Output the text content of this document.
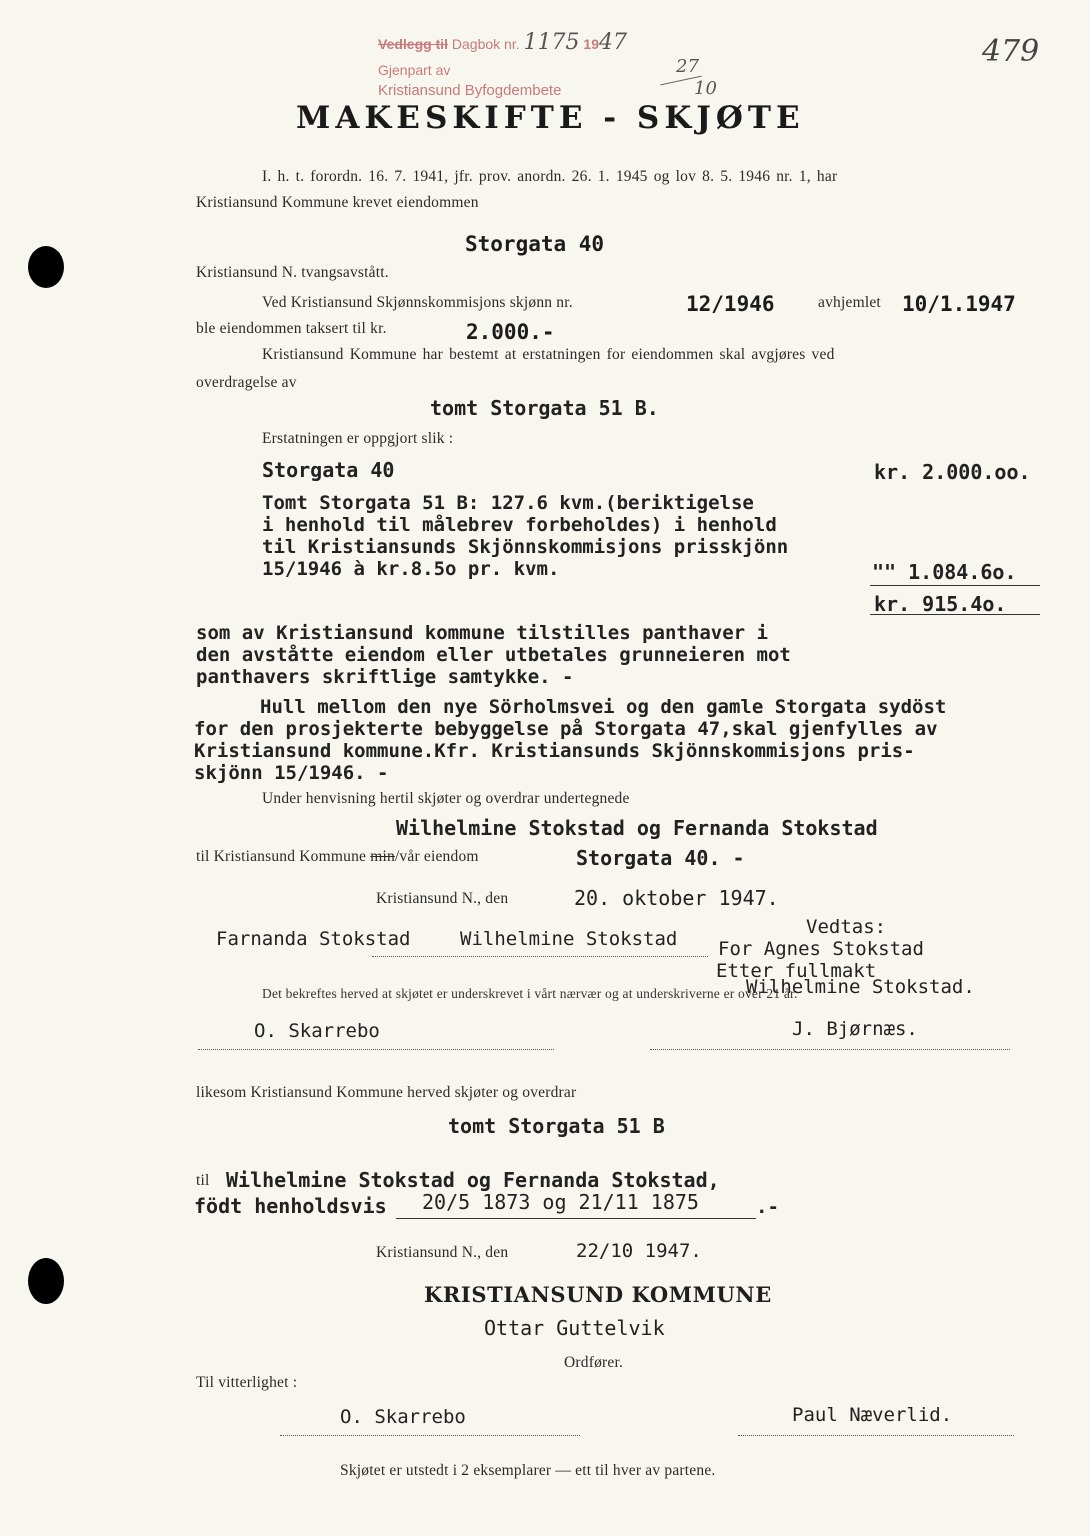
Vedlegg til Dagbok nr. 1175 1947
Gjenpart av
Kristiansund Byfogdembete
27
10
479
MAKESKIFTE - SKJØTE
I. h. t. forordn. 16. 7. 1941, jfr. prov. anordn. 26. 1. 1945 og lov 8. 5. 1946 nr. 1, har
Kristiansund Kommune krevet eiendommen
Storgata 40
Kristiansund N. tvangsavstått.
Ved Kristiansund Skjønnskommisjons skjønn nr.	12/1946	avhjemlet 10/1.1947
ble eiendommen taksert til kr.	2.000.-
Kristiansund Kommune har bestemt at erstatningen for eiendommen skal avgjøres ved
overdragelse av
tomt Storgata 51 B.
Erstatningen er oppgjort slik :
Storgata 40	kr. 2.000.oo.
Tomt Storgata 51 B: 127.6 kvm.(beriktigelse
i henhold til målebrev forbeholdes) i henhold
til Kristiansunds Skjönnskommisjons prisskjönn
15/1946 à kr.8.5o pr. kvm.	"" 1.084.6o.
kr. 915.4o.
som av Kristiansund kommune tilstilles panthaver i
den avståtte eiendom eller utbetales grunneieren mot
panthavers skriftlige samtykke. -
Hull mellom den nye Sörholmsvei og den gamle Storgata sydöst
for den prosjekterte bebyggelse på Storgata 47,skal gjenfylles av
Kristiansund kommune.Kfr. Kristiansunds Skjönnskommisjons pris-
skjönn 15/1946. -
Under henvisning hertil skjøter og overdrar undertegnede
Wilhelmine Stokstad og Fernanda Stokstad
til Kristiansund Kommune min/vår eiendom	Storgata 40. -
Kristiansund N., den	20. oktober 1947.
Farnanda Stokstad	Wilhelmine Stokstad
Vedtas:
For Agnes Stokstad
Etter fullmakt
Wilhelmine Stokstad.
Det bekreftes herved at skjøtet er underskrevet i vårt nærvær og at underskriverne er over 21 år.
O. Skarrebo	J. Bjørnæs.
likesom Kristiansund Kommune herved skjøter og overdrar
tomt Storgata 51 B
til Wilhelmine Stokstad og Fernanda Stokstad,
födt henholdsvis 20/5 1873 og 21/11 1875	.-
Kristiansund N., den	22/10 1947.
KRISTIANSUND KOMMUNE
Ottar Guttelvik
Ordfører.
Til vitterlighet :
O. Skarrebo	Paul Næverlid.
Skjøtet er utstedt i 2 eksemplarer — ett til hver av partene.
